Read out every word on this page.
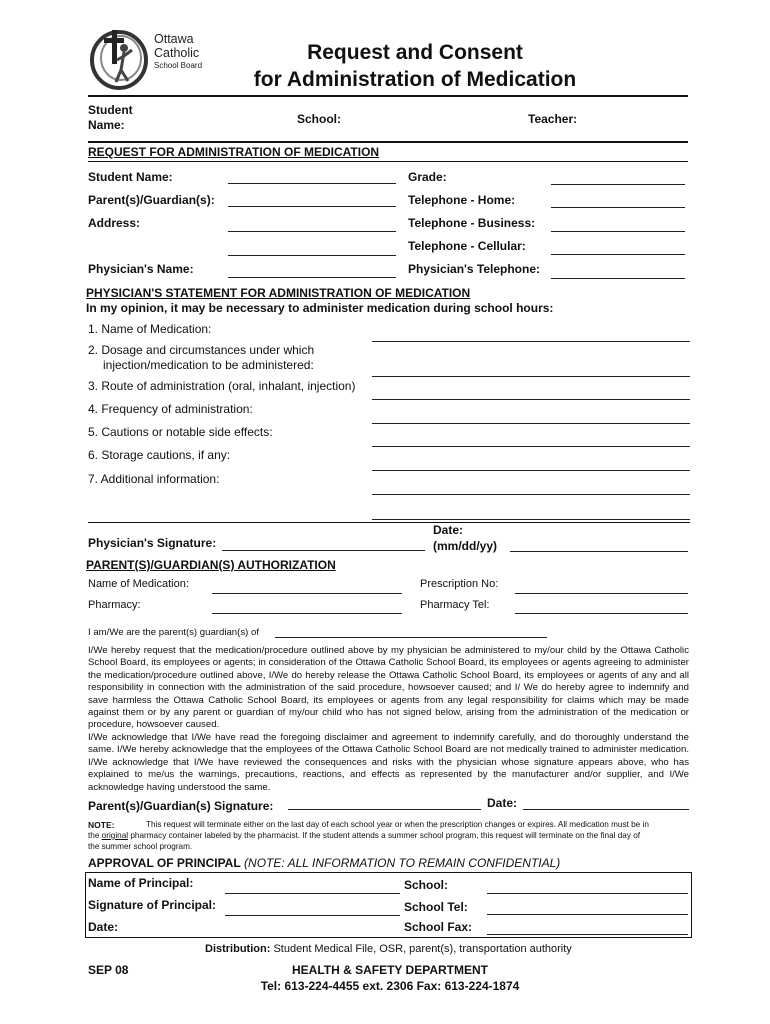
Ottawa
Catholic
School Board
Request and Consent
for Administration of Medication
Student
Name:	School:	Teacher:
REQUEST FOR ADMINISTRATION OF MEDICATION
Student Name:	Grade:
Parent(s)/Guardian(s):	Telephone - Home:
Address:	Telephone - Business:
Telephone - Cellular:
Physician's Name:	Physician's Telephone:
PHYSICIAN'S STATEMENT FOR ADMINISTRATION OF MEDICATION
In my opinion, it may be necessary to administer medication during school hours:
1. Name of Medication:
2. Dosage and circumstances under which
injection/medication to be administered:
3. Route of administration (oral, inhalant, injection)
4. Frequency of administration:
5. Cautions or notable side effects:
6. Storage cautions, if any:
7. Additional information:
Physician's Signature:
Date:
(mm/dd/yy)
PARENT(S)/GUARDIAN(S) AUTHORIZATION
Name of Medication:	Prescription No:
Pharmacy:	Pharmacy Tel:
I am/We are the parent(s) guardian(s) of
I/We hereby request that the medication/procedure outlined above by my physician be administered to my/our child by the Ottawa Catholic School Board, its employees or agents; in consideration of the Ottawa Catholic School Board, its employees or agents agreeing to administer the medication/procedure outlined above, I/We do hereby release the Ottawa Catholic School Board, its employees or agents of any and all responsibility in connection with the administration of the said procedure, howsoever caused; and I/ We do hereby agree to indemnify and save harmless the Ottawa Catholic School Board, its employees or agents from any legal responsibility for claims which may be made against them or by any parent or guardian of my/our child who has not signed below, arising from the administration of the medication or procedure, howsoever caused.
I/We acknowledge that I/We have read the foregoing disclaimer and agreement to indemnify carefully, and do thoroughly understand the same. I/We hereby acknowledge that the employees of the Ottawa Catholic School Board are not medically trained to administer medication. I/We acknowledge that I/We have reviewed the consequences and risks with the physician whose signature appears above, who has explained to me/us the warnings, precautions, reactions, and effects as represented by the manufacturer and/or supplier, and I/We acknowledge having understood the same.
Parent(s)/Guardian(s) Signature:	Date:
NOTE:	This request will terminate either on the last day of each school year or when the prescription changes or expires. All medication must be in
the original pharmacy container labeled by the pharmacist. If the student attends a summer school program, this request will terminate on the final day of
the summer school program.
APPROVAL OF PRINCIPAL (NOTE: ALL INFORMATION TO REMAIN CONFIDENTIAL)
Name of Principal:	School:
Signature of Principal:	School Tel:
Date:	School Fax:
Distribution: Student Medical File, OSR, parent(s), transportation authority
SEP 08	HEALTH & SAFETY DEPARTMENT
Tel: 613-224-4455 ext. 2306 Fax: 613-224-1874
